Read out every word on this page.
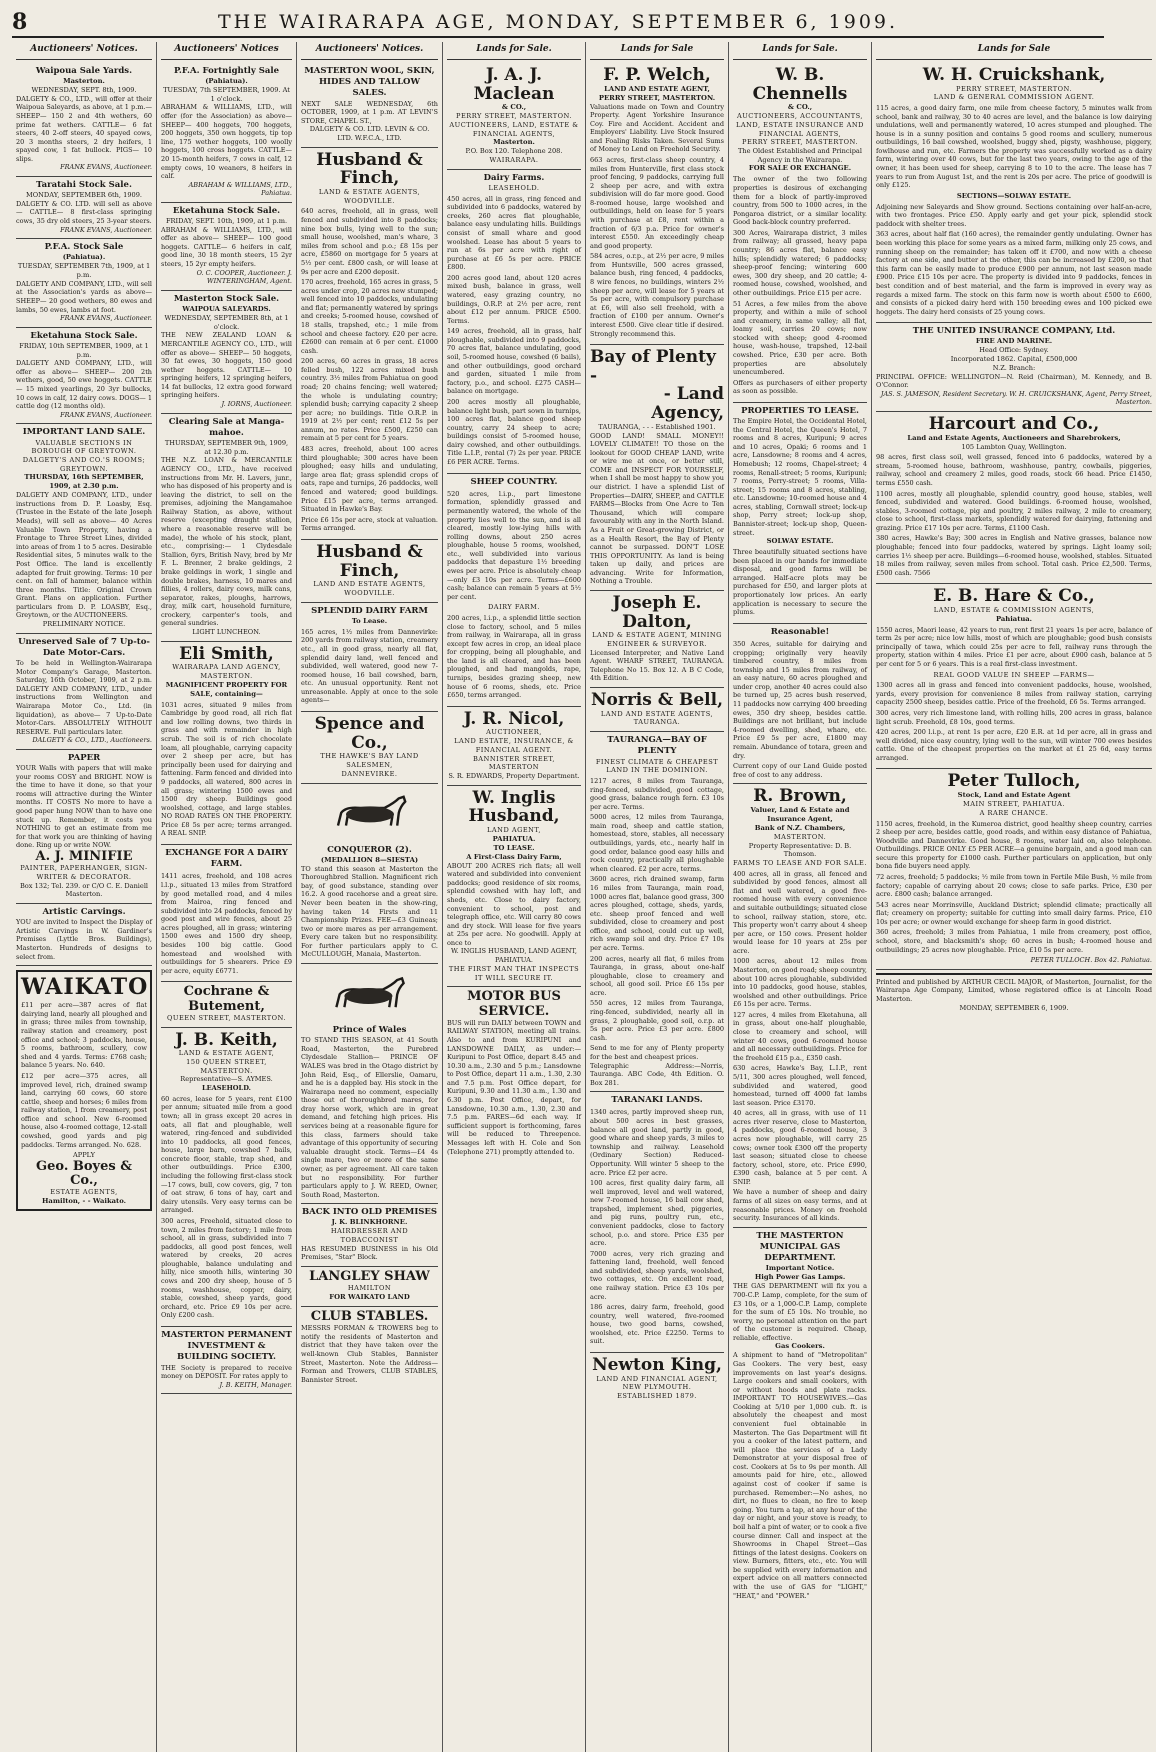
8	THE WAIRARAPA AGE, MONDAY, SEPTEMBER 6, 1909.
Auctioneers' Notices.
Waipoua Sale Yards.
Masterton.
WEDNESDAY, SEPT. 8th, 1909.
DALGETY & CO., LTD., will offer at their Waipoua Saleyards, as above, at 1 p.m.— SHEEP— 150 2 and 4th wethers, 60 prime fat wethers. CATTLE— 6 fat steers, 40 2-off steers, 40 spayed cows, 20 3 months steers, 2 dry heifers, 1 spayed cow, 1 fat bullock. PIGS— 10 slips.
FRANK EVANS, Auctioneer.
Taratahi Stock Sale.
MONDAY, SEPTEMBER 6th, 1909.
DALGETY & CO. LTD. will sell as above— CATTLE— 8 first-class springing cows, 35 dry old steers, 25 3-year steers.
FRANK EVANS, Auctioneer.
P.F.A. Stock Sale
(Pahiatua).
TUESDAY, SEPTEMBER 7th, 1909, at 1 p.m.
DALGETY AND COMPANY, LTD., will sell at the Association's yards as above— SHEEP— 20 good wethers, 80 ewes and lambs, 50 ewes, lambs at foot.
FRANK EVANS, Auctioneer.
Eketahuna Stock Sale.
FRIDAY, 10th SEPTEMBER, 1909, at 1 p.m.
DALGETY AND COMPANY, LTD., will offer as above— SHEEP— 200 2th wethers, good, 50 ewe hoggets. CATTLE— 15 mixed yearlings, 20 3yr bullocks, 10 cows in calf, 12 dairy cows. DOGS— 1 cattle dog (12 months old).
FRANK EVANS, Auctioneer.
IMPORTANT LAND SALE.
VALUABLE SECTIONS IN BOROUGH OF GREYTOWN.
DALGETY'S AND CO.'S ROOMS; GREYTOWN.
THURSDAY, 16th SEPTEMBER, 1909, at 2.30 p.m.
DALGETY AND COMPANY, LTD., under instructions from D. P. Loasby, Esq. (Trustee in the Estate of the late Joseph Meads), will sell as above— 40 Acres Valuable Town Property, having a Frontage to Three Street Lines, divided into areas of from 1 to 5 acres. Desirable Residential sites, 5 minutes walk to the Post Office. The land is excellently adapted for fruit growing. Terms: 10 per cent. on fall of hammer, balance within three months. Title: Original Crown Grant. Plans on application. Further particulars from D. P. LOASBY, Esq., Greytown, or the AUCTIONEERS.
PRELIMINARY NOTICE.
Unreserved Sale of 7 Up-to-Date Motor-Cars.
To be held in Wellington-Wairarapa Motor Company's Garage, Masterton. Saturday, 16th October, 1909, at 2 p.m. DALGETY AND COMPANY, LTD., under instructions from Wellington and Wairarapa Motor Co., Ltd. (in liquidation), as above— 7 Up-to-Date Motor-Cars. ABSOLUTELY WITHOUT RESERVE. Full particulars later.
DALGETY & CO., LTD., Auctioneers.
PAPER
YOUR Walls with papers that will make your rooms COSY and BRIGHT. NOW is the time to have it done, so that your rooms will attractive during the Winter months. IT COSTS No more to have a good paper hung NOW than to have one stuck up. Remember, it costs you NOTHING to get an estimate from me for that work you are thinking of having done. Ring up or write NOW.
A. J. MINIFIE
PAINTER, PAPERHANGER, SIGN-WRITER & DECORATOR.
Box 132; Tel. 239. or C/O C. E. Daniell Masterton.
Artistic Carvings.
YOU are invited to Inspect the Display of Artistic Carvings in W. Gardiner's Premises (Lyttle Bros. Buildings), Masterton. Hundreds of designs to select from.
WAIKATO
£11 per acre—387 acres of flat dairying land, nearly all ploughed and in grass; three miles from township, railway station and creamery, post office and school; 3 paddocks, house, 5 rooms, bathroom, scullery, cow shed and 4 yards. Terms: £768 cash; balance 5 years. No. 640.
£12 per acre—375 acres, all improved level, rich, drained swamp land, carrying 60 cows, 60 store cattle, sheep and horses; 6 miles from railway station, 1 from creamery, post office and school. New 6-roomed house, also 4-roomed cottage, 12-stall cowshed, good yards and pig paddocks. Terms arranged. No. 628.
APPLY
Geo. Boyes & Co.,
ESTATE AGENTS,
Hamilton, - - Waikato.
Auctioneers' Notices
P.F.A. Fortnightly Sale
(Pahiatua).
TUESDAY, 7th SEPTEMBER, 1909. At 1 o'clock.
ABRAHAM & WILLIAMS, LTD., will offer (for the Association) as above— SHEEP— 400 hoggets, 700 hoggets, 200 hoggets, 350 own hoggets, tip top line, 175 wether hoggets, 100 woolly hoggets, 100 cross hoggets. CATTLE— 20 15-month heifers, 7 cows in calf, 12 empty cows, 10 weaners, 8 heifers in calf.
ABRAHAM & WILLIAMS, LTD., Pahiatua.
Eketahuna Stock Sale.
FRIDAY, SEPT. 10th, 1909, at 1 p.m.
ABRAHAM & WILLIAMS, LTD., will offer as above— SHEEP— 100 good hoggets. CATTLE— 6 heifers in calf, good line, 30 18 month steers, 15 2yr steers, 15 2yr empty heifers.
O. C. COOPER, Auctioneer. J. WINTERINGHAM, Agent.
Masterton Stock Sale.
WAIPOUA SALEYARDS.
WEDNESDAY, SEPTEMBER 8th, at 1 o'clock.
THE NEW ZEALAND LOAN & MERCANTILE AGENCY CO., LTD., will offer as above— SHEEP— 50 hoggets, 30 fat ewes, 30 hoggets, 150 good wether hoggets. CATTLE— 10 springing heifers, 12 springing heifers, 14 fat bullocks, 12 extra good forward springing heifers.
J. IORNS, Auctioneer.
Clearing Sale at Manga-mahoe.
THURSDAY, SEPTEMBER 9th, 1909, at 12.30 p.m.
THE N.Z. LOAN & MERCANTILE AGENCY CO., LTD., have received instructions from Mr. H. Lavers, junr., who has disposed of his property and is leaving the district, to sell on the premises, adjoining the Mangamahoe Railway Station, as above, without reserve (excepting draught stallion, where a reasonable reserve will be made), the whole of his stock, plant, etc., comprising:— 1 Clydesdale Stallion, 6yrs, British Navy, bred by Mr F. L. Brenner, 2 brake geldings, 2 brake geldings in work, 1 single and double brakes, harness, 10 mares and fillies, 4 rollers, dairy cows, milk cans, separator, rakes, ploughs, harrows, dray, milk cart, household furniture, crockery, carpenter's tools, and general sundries.
LIGHT LUNCHEON.
Eli Smith,
WAIRARAPA LAND AGENCY, MASTERTON.
MAGNIFICENT PROPERTY FOR SALE, containing—
1031 acres, situated 9 miles from Cambridge by good road, all rich flat and low rolling downs, two thirds in grass and with remainder in high scrub. The soil is of rich chocolate loam, all ploughable, carrying capacity over 2 sheep per acre, but has principally been used for dairying and fattening. Farm fenced and divided into 9 paddocks, all watered, 800 acres in all grass; wintering 1500 ewes and 1500 dry sheep. Buildings good woolshed, cottage, and large stables. NO ROAD RATES ON THE PROPERTY. Price £8 5s per acre; terms arranged. A REAL SNIP.
EXCHANGE FOR A DAIRY FARM.
1411 acres, freehold, and 108 acres l.l.p., situated 13 miles from Stratford by good metalled road, and 4 miles from Mairoa, ring fenced and subdivided into 24 paddocks, fenced by good post and wire fences, about 25 acres ploughed, all in grass; wintering 1500 ewes and 1500 dry sheep, besides 100 big cattle. Good homestead and woolshed with outbuildings for 5 shearers. Price £9 per acre, equity £6771.
Cochrane & Butement,
QUEEN STREET, MASTERTON.
J. B. Keith,
LAND & ESTATE AGENT,
150 QUEEN STREET, MASTERTON.
Representative—S. AYMES.
LEASEHOLD.
60 acres, lease for 5 years, rent £100 per annum; situated mile from a good town; all in grass except 20 acres in oats, all flat and ploughable, well watered, ring-fenced and subdivided into 10 paddocks, all good fences, house, large barn, cowshed 7 bails, concrete floor, stable, trap shed, and other outbuildings. Price £300, including the following first-class stock—17 cows, bull, cow covers, gig, 7 ton of oat straw, 6 tons of hay, cart and dairy utensils. Very easy terms can be arranged.
300 acres, Freehold, situated close to town, 2 miles from factory; 1 mile from school, all in grass, subdivided into 7 paddocks, all good post fences, well watered by creeks, 20 acres ploughable, balance undulating and hilly, nice smooth hills, wintering 30 cows and 200 dry sheep, house of 5 rooms, washhouse, copper, dairy, stable, cowshed, sheep yards, good orchard, etc. Price £9 10s per acre. Only £200 cash.
MASTERTON PERMANENT INVESTMENT & BUILDING SOCIETY.
THE Society is prepared to receive money on DEPOSIT. For rates apply to
J. B. KEITH, Manager.
Auctioneers' Notices.
MASTERTON WOOL, SKIN, HIDES AND TALLOW SALES.
NEXT SALE WEDNESDAY, 6th OCTOBER, 1909, at 1 p.m. AT LEVIN'S STORE, CHAPEL ST.,
DALGETY & CO. LTD. LEVIN & CO. LTD. W.F.C.A., LTD.
Husband & Finch,
LAND & ESTATE AGENTS, WOODVILLE.
640 acres, freehold, all in grass, well fenced and subdivided into 8 paddocks; nine box bulls, lying well to the sun; small house, woolshed, man's whare, 3 miles from school and p.o.; £8 15s per acre, £5860 on mortgage for 5 years at 5½ per cent. £800 cash, or will lease at 9s per acre and £200 deposit.
170 acres, freehold, 165 acres in grass, 5 acres under crop, 20 acres new stumped; well fenced into 10 paddocks, undulating and flat; permanently watered by springs and creeks; 5-roomed house, cowshed of 18 stalls, trapshed, etc.; 1 mile from school and cheese factory. £20 per acre. £2600 can remain at 6 per cent. £1000 cash.
200 acres, 60 acres in grass, 18 acres felled bush, 122 acres mixed bush country. 3½ miles from Pahiatua on good road; 20 chains fencing; well watered; the whole is undulating country; splendid bush; carrying capacity 2 sheep per acre; no buildings. Title O.R.P. in 1919 at 2½ per cent; rent £12 5s per annum, no rates. Price £500, £250 can remain at 5 per cent for 5 years.
483 acres, freehold, about 100 acres third ploughable; 300 acres have been ploughed; easy hills and undulating, large area flat; grass splendid crops of oats, rape and turnips, 26 paddocks, well fenced and watered; good buildings. Price £15 per acre, terms arranged. Situated in Hawke's Bay.
Price £6 15s per acre, stock at valuation. Terms arranged.
Husband & Finch,
LAND AND ESTATE AGENTS, WOODVILLE.
SPLENDID DAIRY FARM
To Lease.
165 acres, 1½ miles from Dannevirke: 200 yards from railway station, creamery etc., all in good grass, nearly all flat, splendid dairy land, well fenced and subdivided, well watered, good new 7-roomed house, 16 bail cowshed, barn, etc. An unusual opportunity. Rent not unreasonable. Apply at once to the sole agents—
Spence and Co.,
THE HAWKE'S BAY LAND SALESMEN,
DANNEVIRKE.
CONQUEROR (2).
(MEDALLION 8—SIESTA)
TO stand this season at Masterton the Thoroughbred Stallion. Magnificent rich bay, of good substance, standing over 16.2. A good racehorse and a great sire. Never been beaten in the show-ring, having taken 14 Firsts and 11 Championship Prizes. FEE—£3 Guineas; two or more mares as per arrangement. Every care taken but no responsibility. For further particulars apply to C. McCULLOUGH, Manaia, Masterton.
Prince of Wales
TO STAND THIS SEASON, at 41 South Road, Masterton, the Purebred Clydesdale Stallion— PRINCE OF WALES was bred in the Otago district by John Reid, Esq., of Ellerslie, Oamaru, and he is a dappled bay. His stock in the Wairarapa need no comment, especially those out of thoroughbred mares, for dray horse work, which are in great demand, and fetching high prices. His services being at a reasonable figure for this class, farmers should take advantage of this opportunity of securing valuable draught stock. Terms—£4 4s single mare, two or more of the same owner, as per agreement. All care taken but no responsibility. For further particulars apply to J. W. REED, Owner, South Road, Masterton.
BACK INTO OLD PREMISES
J. K. BLINKHORNE.
HAIRDRESSER AND TOBACCONIST
HAS RESUMED BUSINESS in his Old Premises, "Star" Block.
LANGLEY SHAW
HAMILTON
FOR WAIKATO LAND
CLUB STABLES.
MESSRS FORMAN & TROWERS beg to notify the residents of Masterton and district that they have taken over the well-known Club Stables, Bannister Street, Masterton. Note the Address— Forman and Trowers, CLUB STABLES, Bannister Street.
Lands for Sale.
J. A. J. Maclean
& CO.,
PERRY STREET, MASTERTON.
AUCTIONEERS, LAND, ESTATE & FINANCIAL AGENTS,
Masterton.
P.O. Box 120. Telephone 208.
WAIRARAPA.
Dairy Farms.
LEASEHOLD.
450 acres, all in grass, ring fenced and subdivided into 6 paddocks, watered by creeks, 260 acres flat ploughable, balance easy undulating hills. Buildings consist of small whare and good woolshed. Lease has about 5 years to run at 6s per acre with right of purchase at £6 5s per acre. PRICE £800.
200 acres good land, about 120 acres mixed bush, balance in grass, well watered, easy grazing country, no buildings, O.R.P. at 2½ per acre, rent about £12 per annum. PRICE £500. Terms.
149 acres, freehold, all in grass, half ploughable, subdivided into 9 paddocks, 70 acres flat, balance undulating, good soil, 5-roomed house, cowshed (6 bails), and other outbuildings, good orchard and garden, situated 1 mile from factory, p.o., and school. £275 CASH—balance on mortgage.
200 acres mostly all ploughable, balance light bush, part sown in turnips, 100 acres flat, balance good sheep country, carry 24 sheep to acre; buildings consist of 5-roomed house, dairy cowshed, and other outbuildings. Title L.I.P., rental (7) 2s per year. PRICE £6 PER ACRE. Terms.
SHEEP COUNTRY.
520 acres, l.i.p., part limestone formation, splendidly grassed and permanently watered, the whole of the property lies well to the sun, and is all cleared, mostly low-lying hills with rolling downs, about 250 acres ploughable, house 5 rooms, woolshed, etc., well subdivided into various paddocks that depasture 1½ breeding ewes per acre. Price is absolutely cheap—only £3 10s per acre. Terms—£600 cash; balance can remain 5 years at 5½ per cent.
DAIRY FARM.
200 acres, l.i.p., a splendid little section close to factory, school, and 5 miles from railway, in Wairarapa, all in grass except few acres in crop, an ideal place for cropping, being all ploughable, and the land is all cleared, and has been ploughed, and had mangolds, rape, turnips, besides grazing sheep, new house of 6 rooms, sheds, etc. Price £650, terms arranged.
J. R. Nicol,
AUCTIONEER,
LAND ESTATE, INSURANCE, & FINANCIAL AGENT.
BANNISTER STREET, MASTERTON
S. R. EDWARDS, Property Department.
W. Inglis Husband,
LAND AGENT,
PAHIATUA.
TO LEASE.
A First-Class Dairy Farm,
ABOUT 200 ACRES rich flats; all well watered and subdivided into convenient paddocks; good residence of six rooms, splendid cowshed with hay loft, and sheds, etc. Close to dairy factory, convenient to school, post and telegraph office, etc. Will carry 80 cows and dry stock. Will lease for five years at 25s per acre. No goodwill. Apply at once to
W. INGLIS HUSBAND, LAND AGENT, PAHIATUA.
THE FIRST MAN THAT INSPECTS IT WILL SECURE IT.
MOTOR BUS SERVICE.
BUS will run DAILY between TOWN and RAILWAY STATION, meeting all trains. Also to and from KURIPUNI and LANSDOWNE DAILY, as under:— Kuripuni to Post Office, depart 8.45 and 10.30 a.m., 2.30 and 5 p.m.; Lansdowne to Post Office, depart 11 a.m., 1.30, 2.30 and 7.5 p.m. Post Office depart, for Kuripuni, 9.30 and 11.30 a.m., 1.30 and 6.30 p.m. Post Office, depart, for Lansdowne, 10.30 a.m., 1.30, 2.30 and 7.5 p.m. FARES—6d each way. If sufficient support is forthcoming, fares will be reduced to Threepence. Messages left with H. Cole and Son (Telephone 271) promptly attended to.
Lands for Sale
F. P. Welch,
LAND AND ESTATE AGENT, PERRY STREET, MASTERTON.
Valuations made on Town and Country Property. Agent Yorkshire Insurance Coy. Fire and Accident. Accident and Employers' Liability. Live Stock Insured and Foaling Risks Taken. Several Sums of Money to Lend on Freehold Security.
663 acres, first-class sheep country, 4 miles from Hunterville, first class stock proof fencing, 9 paddocks, carrying full 2 sheep per acre, and with extra subdivision will do far more good. Good 8-roomed house, large woolshed and outbuildings, held on lease for 5 years with purchase at £8, rent within a fraction of 6/3 p.a. Price for owner's interest £550. An exceedingly cheap and good property.
584 acres, o.r.p., at 2½ per acre, 9 miles from Huntsville, 500 acres grassed, balance bush, ring fenced, 4 paddocks, 8 wire fences, no buildings, winters 2½ sheep per acre, will lease for 5 years at 5s per acre, with compulsory purchase at £6, will also sell freehold, with a fraction of £100 per annum. Owner's interest £500. Give clear title if desired. Strongly recommend this.
Bay of Plenty -
- Land Agency,
TAURANGA, - - - Established 1901.
GOOD LAND! SMALL MONEY!! LOVELY CLIMATE!! TO those on the lookout for GOOD CHEAP LAND, write or wire me at once, or better still, COME and INSPECT FOR YOURSELF, when I shall be most happy to show you our district. I have a splendid List of Properties—DAIRY, SHEEP, and CATTLE FARMS—Blocks from One Acre to Ten Thousand, which will compare favourably with any in the North Island. As a Fruit or Great-growing District, or as a Health Resort, the Bay of Plenty cannot be surpassed. DON'T LOSE THIS OPPORTUNITY. As land is being taken up daily, and prices are advancing. Write for Information, Nothing a Trouble.
Joseph E. Dalton,
LAND & ESTATE AGENT, MINING ENGINEER & SURVEYOR.
Licensed Interpreter, and Native Land Agent. WHARF STREET, TAURANGA. Telephone No 15. Box 12. A B C Code, 4th Edition.
Norris & Bell,
LAND AND ESTATE AGENTS, TAURANGA.
TAURANGA—BAY OF PLENTY
FINEST CLIMATE & CHEAPEST LAND IN THE DOMINION.
1217 acres, 8 miles from Tauranga, ring-fenced, subdivided, good cottage, good grass, balance rough fern. £3 10s per acre. Terms.
5000 acres, 12 miles from Tauranga, main road, sheep and cattle station, homestead, store, stables, all necessary outbuildings, yards, etc., nearly half in good order, balance good easy hills and rock country, practically all ploughable when cleared. £2 per acre, terms.
3600 acres, rich drained swamp, farm 16 miles from Tauranga, main road, 1000 acres flat, balance good grass, 300 acres ploughed, cottage, sheds, yards, etc. sheep proof fenced and well subdivided, close to creamery and post office, and school, could cut up well, rich swamp soil and dry. Price £7 10s per acre. Terms.
200 acres, nearly all flat, 6 miles from Tauranga, in grass, about one-half ploughable, close to creamery and school, all good soil. Price £6 15s per acre.
550 acres, 12 miles from Tauranga, ring-fenced, subdivided, nearly all in grass, 2 ploughable, good soil, o.r.p. at 5s per acre. Price £3 per acre. £800 cash.
Send to me for any of Plenty property for the best and cheapest prices.
Telegraphic Address:—Norris, Tauranga. ABC Code, 4th Edition. O. Box 281.
TARANAKI LANDS.
1340 acres, partly improved sheep run, about 500 acres in best grasses, balance all good land, partly in good, good whare and sheep yards, 3 miles to township and railway. Leasehold (Ordinary Section) Reduced-Opportunity. Will winter 5 sheep to the acre. Price £2 per acre.
100 acres, first quality dairy farm, all well improved, level and well watered, new 7-roomed house, 16 bail cow shed, trapshed, implement shed, piggeries, and pig runs, poultry run, etc., convenient paddocks, close to factory school, p.o. and store. Price £35 per acre.
7000 acres, very rich grazing and fattening land, freehold, well fenced and subdivided, sheep yards, woolshed, two cottages, etc. On excellent road, one railway station. Price £3 10s per acre.
186 acres, dairy farm, freehold, good country, well watered, five-roomed house, two good barns, cowshed, woolshed, etc. Price £2250. Terms to suit.
Newton King,
LAND AND FINANCIAL AGENT, NEW PLYMOUTH.
ESTABLISHED 1879.
Lands for Sale.
W. B. Chennells
& CO.,
AUCTIONEERS, ACCOUNTANTS, LAND, ESTATE INSURANCE AND FINANCIAL AGENTS,
PERRY STREET, MASTERTON.
The Oldest Established and Principal Agency in the Wairarapa.
FOR SALE OR EXCHANGE.
The owner of the two following properties is desirous of exchanging them for a block of partly-improved country, from 500 to 1000 acres, in the Pongaroa district, or a similar locality. Good back-block country preferred.
300 Acres, Wairarapa district, 3 miles from railway; all grassed, heavy papa country; 86 acres flat, balance easy hills; splendidly watered; 6 paddocks; sheep-proof fencing; wintering 600 ewes, 300 dry sheep, and 20 cattle; 4-roomed house, cowshed, woolshed, and other outbuildings. Price £15 per acre.
51 Acres, a few miles from the above property, and within a mile of school and creamery, in same valley; all flat, loamy soil, carries 20 cows; now stocked with sheep; good 4-roomed house, wash-house, trapshed, 12-bail cowshed. Price, £30 per acre. Both properties are absolutely unencumbered.
Offers as purchasers of either property as soon as possible.
PROPERTIES TO LEASE.
The Empire Hotel, the Occidental Hotel, the Central Hotel, the Queen's Hotel, 7 rooms and 8 acres, Kuripuni; 9 acres and 10 acres, Opaki; 6 rooms and 1 acre, Lansdowne; 8 rooms and 4 acres, Homebush; 12 rooms, Chapel-street; 4 rooms, Renall-street; 5 rooms, Kuripuni; 7 rooms, Perry-street; 5 rooms, Villa-street; 15 rooms and 8 acres, stabling, etc. Lansdowne; 10-roomed house and 4 acres, stabling, Cornwall street; lock-up shop, Perry street; lock-up shop, Bannister-street; lock-up shop, Queen-street.
SOLWAY ESTATE.
Three beautifully situated sections have been placed in our hands for immediate disposal, and good farms will be arranged. Half-acre plots may be purchased for £50, and larger plots at proportionately low prices. An early application is necessary to secure the plums.
Reasonable!
350 Acres, suitable for dairying and cropping; originally very heavily timbered country, 8 miles from township and 15 miles from railway, of an easy nature, 60 acres ploughed and under crop, another 40 acres could also be turned up, 25 acres bush reserved, 11 paddocks now carrying 400 breeding ewes, 350 dry sheep, besides cattle. Buildings are not brilliant, but include 4-roomed dwelling, shed, whare, etc. Price £9 5s per acre, £1800 may remain. Abundance of totara, green and dry.
Current copy of our Land Guide posted free of cost to any address.
R. Brown,
Valuer, Land & Estate and Insurance Agent,
Bank of N.Z. Chambers,
MASTERTON.
Property Representative: D. B. Thomson.
FARMS TO LEASE AND FOR SALE.
400 acres, all in grass, all fenced and subdivided by good fences, almost all flat and well watered, a good five-roomed house with every convenience and suitable outbuildings; situated close to school, railway station, store, etc. This property won't carry about 4 sheep per acre, or 150 cows. Present holder would lease for 10 years at 25s per acre.
1000 acres, about 12 miles from Masterton, on good road; sheep country, about 100 acres ploughable, subdivided into 10 paddocks, good house, stables, woolshed and other outbuildings. Price £6 15s per acre. Terms.
127 acres, 4 miles from Eketahuna, all in grass, about one-half ploughable, close to creamery and school, will winter 40 cows, good 6-roomed house and all necessary outbuildings. Price for the freehold £15 p.a., £350 cash.
630 acres, Hawke's Bay, L.I.P., rent 5/11, 300 acres ploughed, well fenced, subdivided and watered, good homestead, turned off 4000 fat lambs last season. Price £3170.
40 acres, all in grass, with use of 11 acres river reserve, close to Masterton, 4 paddocks, good 6-roomed house, 3 acres now ploughable, will carry 25 cows; owner took £300 off the property last season; situated close to cheese factory, school, store, etc. Price £990, £390 cash, balance at 5 per cent. A SNIP.
We have a number of sheep and dairy farms of all sizes on easy terms, and at reasonable prices. Money on freehold security. Insurances of all kinds.
THE MASTERTON MUNICIPAL GAS DEPARTMENT.
Important Notice.
High Power Gas Lamps.
THE GAS DEPARTMENT will fix you a 700-C.P. Lamp, complete, for the sum of £3 10s, or a 1,000-C.P. Lamp, complete for the sum of £5 10s. No trouble, no worry, no personal attention on the part of the customer is required. Cheap, reliable, effective.
Gas Cookers.
A shipment to hand of "Metropolitan" Gas Cookers. The very best, easy improvements on last year's designs. Large cookers and small cookers, with or without hoods and plate racks. IMPORTANT TO HOUSEWIVES.—Gas Cooking at 5/10 per 1,000 cub. ft. is absolutely the cheapest and most convenient fuel obtainable in Masterton. The Gas Department will fit you a cooker of the latest pattern, and will place the services of a Lady Demonstrator at your disposal free of cost. Cookers at 5s to 9s per month. All amounts paid for hire, etc., allowed against cost of cooker if same is purchased. Remember:—No ashes, no dirt, no flues to clean, no fire to keep going. You turn a tap, at any hour of the day or night, and your stove is ready, to boil half a pint of water, or to cook a five course dinner. Call and inspect at the Showrooms in Chapel Street—Gas fittings of the latest designs. Cookers on view. Burners, fitters, etc., etc. You will be supplied with every information and expert advice on all matters connected with the use of GAS for "LIGHT," "HEAT," and "POWER."
Lands for Sale
W. H. Cruickshank,
PERRY STREET, MASTERTON.
LAND & GENERAL COMMISSION AGENT.
115 acres, a good dairy farm, one mile from cheese factory, 5 minutes walk from school, bank and railway, 30 to 40 acres are level, and the balance is low dairying undulations, well and permanently watered, 10 acres stumped and ploughed. The house is in a sunny position and contains 5 good rooms and scullery, numerous outbuildings, 16 bail cowshed, woolshed, buggy shed, pigsty, washhouse, piggery, fowlhouse and run, etc. Farmers the property was successfully worked as a dairy farm, wintering over 40 cows, but for the last two years, owing to the age of the owner, it has been used for sheep, carrying 8 to 10 to the acre. The lease has 7 years to run from August 1st, and the rent is 20s per acre. The price of goodwill is only £125.
SECTIONS—SOLWAY ESTATE.
Adjoining new Saleyards and Show ground. Sections containing over half-an-acre, with two frontages. Price £50. Apply early and get your pick, splendid stock paddock with shelter trees.
363 acres, about half flat (160 acres), the remainder gently undulating. Owner has been working this place for some years as a mixed farm, milking only 25 cows, and running sheep on the remainder; has taken off it £700, and now with a cheese factory at one side, and butter at the other, this can be increased by £200, so that this farm can be easily made to produce £900 per annum, not last season made £900. Price £15 10s per acre. The property is divided into 9 paddocks, fences in best condition and of best material, and the farm is improved in every way as regards a mixed farm. The stock on this farm now is worth about £500 to £600, and consists of a picked dairy herd with 150 breeding ewes and 100 picked ewe hoggets. The dairy herd consists of 25 young cows.
THE UNITED INSURANCE COMPANY, Ltd.
FIRE AND MARINE.
Head Office: Sydney.
Incorporated 1862. Capital, £500,000
N.Z. Branch:
PRINCIPAL OFFICE: WELLINGTON—N. Reid (Chairman), M. Kennedy, and B. O'Connor.
JAS. S. JAMESON, Resident Secretary. W. H. CRUICKSHANK, Agent, Perry Street, Masterton.
Harcourt and Co.,
Land and Estate Agents, Auctioneers and Sharebrokers,
105 Lambton Quay, Wellington.
98 acres, first class soil, well grassed, fenced into 6 paddocks, watered by a stream, 5-roomed house, bathroom, washhouse, pantry, cowbails, piggeries, railway, school and creamery 2 miles, good roads, stock 66 head. Price £1450, terms £550 cash.
1100 acres, mostly all ploughable, splendid country, good house, stables, well fenced, subdivided and watered. Good buildings. 6-roomed house, woolshed, stables, 3-roomed cottage, pig and poultry, 2 miles railway, 2 mile to creamery, close to school, first-class markets, splendidly watered for dairying, fattening and grazing. Price £17 10s per acre. Terms, £1100 Cash.
380 acres, Hawke's Bay; 300 acres in English and Native grasses, balance now ploughable; fenced into four paddocks, watered by springs. Light loamy soil; carries 1½ sheep per acre. Buildings—6-roomed house, woolshed, stables. Situated 18 miles from railway, seven miles from school. Total cash. Price £2,500. Terms, £500 cash. 7566
E. B. Hare & Co.,
LAND, ESTATE & COMMISSION AGENTS,
Pahiatua.
1550 acres, Maori lease, 42 years to run, rent first 21 years 1s per acre, balance of term 2s per acre; nice low hills, most of which are ploughable; good bush consists principally of tawa, which could 25s per acre to fell, railway runs through the property, station within 4 miles. Price £1 per acre, about £900 cash, balance at 5 per cent for 5 or 6 years. This is a real first-class investment.
REAL GOOD VALUE IN SHEEP —FARMS—
1300 acres all in grass and fenced into convenient paddocks, house, woolshed, yards, every provision for convenience 8 miles from railway station, carrying capacity 2500 sheep, besides cattle. Price of the freehold, £6 5s. Terms arranged.
300 acres, very rich limestone land, with rolling hills, 200 acres in grass, balance light scrub. Freehold, £8 10s, good terms.
420 acres, 200 l.i.p., at rent 1s per acre, £20 E.R. at 1d per acre, all in grass and well divided, nice easy country, lying well to the sun, will winter 700 ewes besides cattle. One of the cheapest properties on the market at £1 25 6d, easy terms arranged.
Peter Tulloch,
Stock, Land and Estate Agent
MAIN STREET, PAHIATUA.
A RARE CHANCE.
1150 acres, freehold, in the Kumeroa district, good healthy sheep country, carries 2 sheep per acre, besides cattle, good roads, and within easy distance of Pahiatua, Woodville and Dannevirke. Good house, 8 rooms, water laid on, also telephone. Outbuildings. PRICE ONLY £5 PER ACRE—a genuine bargain, and a good man can secure this property for £1000 cash. Further particulars on application, but only bona fide buyers need apply.
72 acres, freehold; 5 paddocks; ½ mile from town in Fertile Mile Bush, ½ mile from factory; capable of carrying about 20 cows; close to safe parks. Price, £30 per acre. £800 cash; balance arranged.
543 acres near Morrinsville, Auckland District; splendid climate; practically all flat; creamery on property; suitable for cutting into small dairy farms. Price, £10 10s per acre; or owner would exchange for sheep farm in good district.
360 acres, freehold; 3 miles from Pahiatua, 1 mile from creamery, post office, school, store, and blacksmith's shop; 60 acres in bush; 4-roomed house and outbuildings; 25 acres now ploughable. Price, £10 5s per acre.
PETER TULLOCH. Box 42. Pahiatua.
Printed and published by ARTHUR CECIL MAJOR, of Masterton, Journalist, for the Wairarapa Age Company, Limited, whose registered office is at Lincoln Road Masterton.
MONDAY, SEPTEMBER 6, 1909.
